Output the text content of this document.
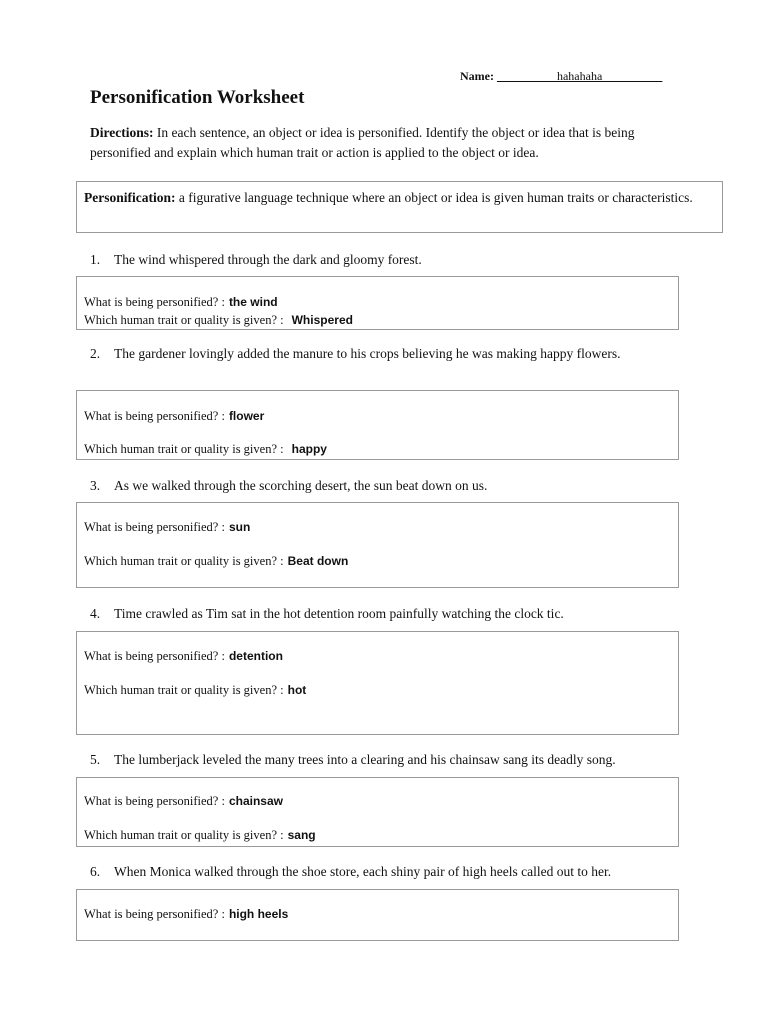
Name: __________hahahaha__________
Personification Worksheet
Directions: In each sentence, an object or idea is personified. Identify the object or idea that is being personified and explain which human trait or action is applied to the object or idea.
Personification: a figurative language technique where an object or idea is given human traits or characteristics.
1. The wind whispered through the dark and gloomy forest.
What is being personified? : the wind
Which human trait or quality is given? : Whispered
2. The gardener lovingly added the manure to his crops believing he was making happy flowers.
What is being personified? : flower
Which human trait or quality is given? : happy
3. As we walked through the scorching desert, the sun beat down on us.
What is being personified? : sun
Which human trait or quality is given? : Beat down
4. Time crawled as Tim sat in the hot detention room painfully watching the clock tic.
What is being personified? : detention
Which human trait or quality is given? : hot
5. The lumberjack leveled the many trees into a clearing and his chainsaw sang its deadly song.
What is being personified? : chainsaw
Which human trait or quality is given? : sang
6. When Monica walked through the shoe store, each shiny pair of high heels called out to her.
What is being personified? : high heels
